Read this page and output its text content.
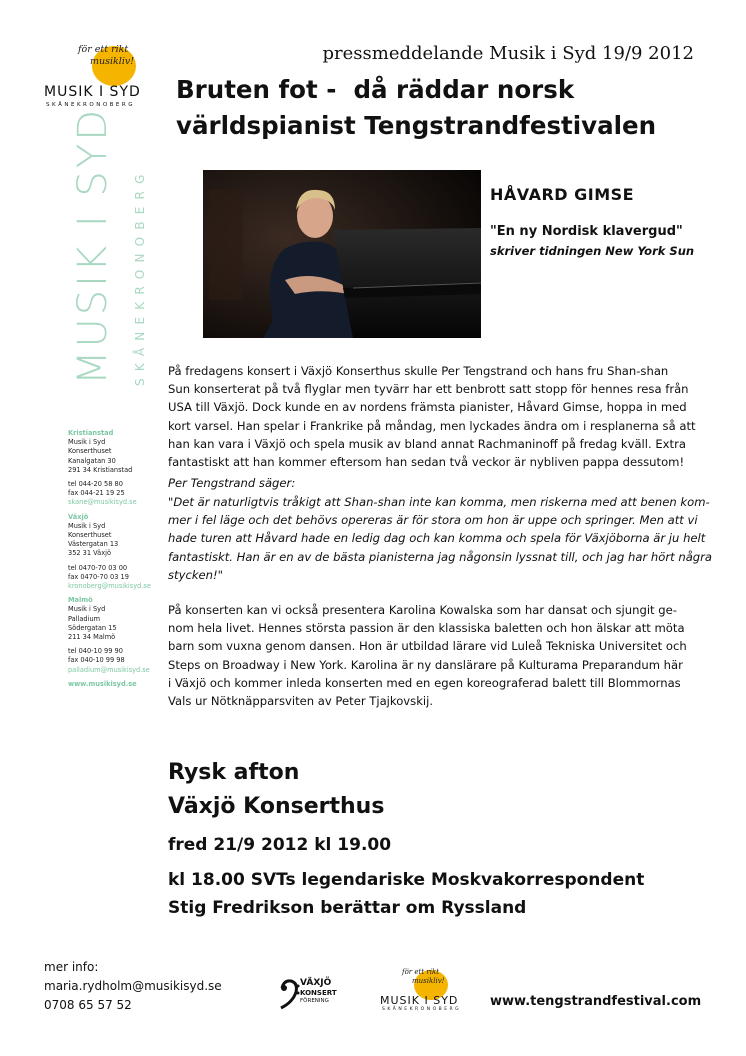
för ett rikt
musikliv!
MUSIK I SYD
SKÅNEKRONOBERG
pressmeddelande Musik i Syd 19/9 2012
Bruten fot -  då räddar norsk
världspianist Tengstrandfestivalen
MUSIK I SYD SKÅNEKRONOBERG
Kristianstad
Musik i Syd
Konserthuset
Kanalgatan 30
291 34 Kristianstad
tel 044-20 58 80
fax 044-21 19 25
skane@musikisyd.se
Växjö
Musik i Syd
Konserthuset
Västergatan 13
352 31 Växjö
tel 0470-70 03 00
fax 0470-70 03 19
kronoberg@musikisyd.se
Malmö
Musik i Syd
Palladium
Södergatan 15
211 34 Malmö
tel 040-10 99 90
fax 040-10 99 98
palladium@musikisyd.se
www.musikisyd.se
HÅVARD GIMSE
"En ny Nordisk klavergud"
skriver tidningen New York Sun
På fredagens konsert i Växjö Konserthus skulle Per Tengstrand och hans fru Shan-shan
Sun konserterat på två flyglar men tyvärr har ett benbrott satt stopp för hennes resa från
USA till Växjö. Dock kunde en av nordens främsta pianister, Håvard Gimse, hoppa in med
kort varsel. Han spelar i Frankrike på måndag, men lyckades ändra om i resplanerna så att
han kan vara i Växjö och spela musik av bland annat Rachmaninoff på fredag kväll. Extra
fantastiskt att han kommer eftersom han sedan två veckor är nybliven pappa dessutom!
Per Tengstrand säger:
"Det är naturligtvis tråkigt att Shan-shan inte kan komma, men riskerna med att benen kom-
mer i fel läge och det behövs opereras är för stora om hon är uppe och springer. Men att vi
hade turen att Håvard hade en ledig dag och kan komma och spela för Växjöborna är ju helt
fantastiskt. Han är en av de bästa pianisterna jag någonsin lyssnat till, och jag har hört några
stycken!"
På konserten kan vi också presentera Karolina Kowalska som har dansat och sjungit ge-
nom hela livet. Hennes största passion är den klassiska baletten och hon älskar att möta
barn som vuxna genom dansen. Hon är utbildad lärare vid Luleå Tekniska Universitet och
Steps on Broadway i New York. Karolina är ny danslärare på Kulturama Preparandum här
i Växjö och kommer inleda konserten med en egen koreograferad balett till Blommornas
Vals ur Nötknäpparsviten av Peter Tjajkovskij.
Rysk afton
Växjö Konserthus
fred 21/9 2012 kl 19.00
kl 18.00 SVTs legendariske Moskvakorrespondent
Stig Fredrikson berättar om Ryssland
mer info:
maria.rydholm@musikisyd.se
0708 65 57 52
VÄXJÖ
KONSERT
FÖRENING
för ett rikt
musikliv!
MUSIK I SYD
SKÅNEKRONOBERG
www.tengstrandfestival.com
